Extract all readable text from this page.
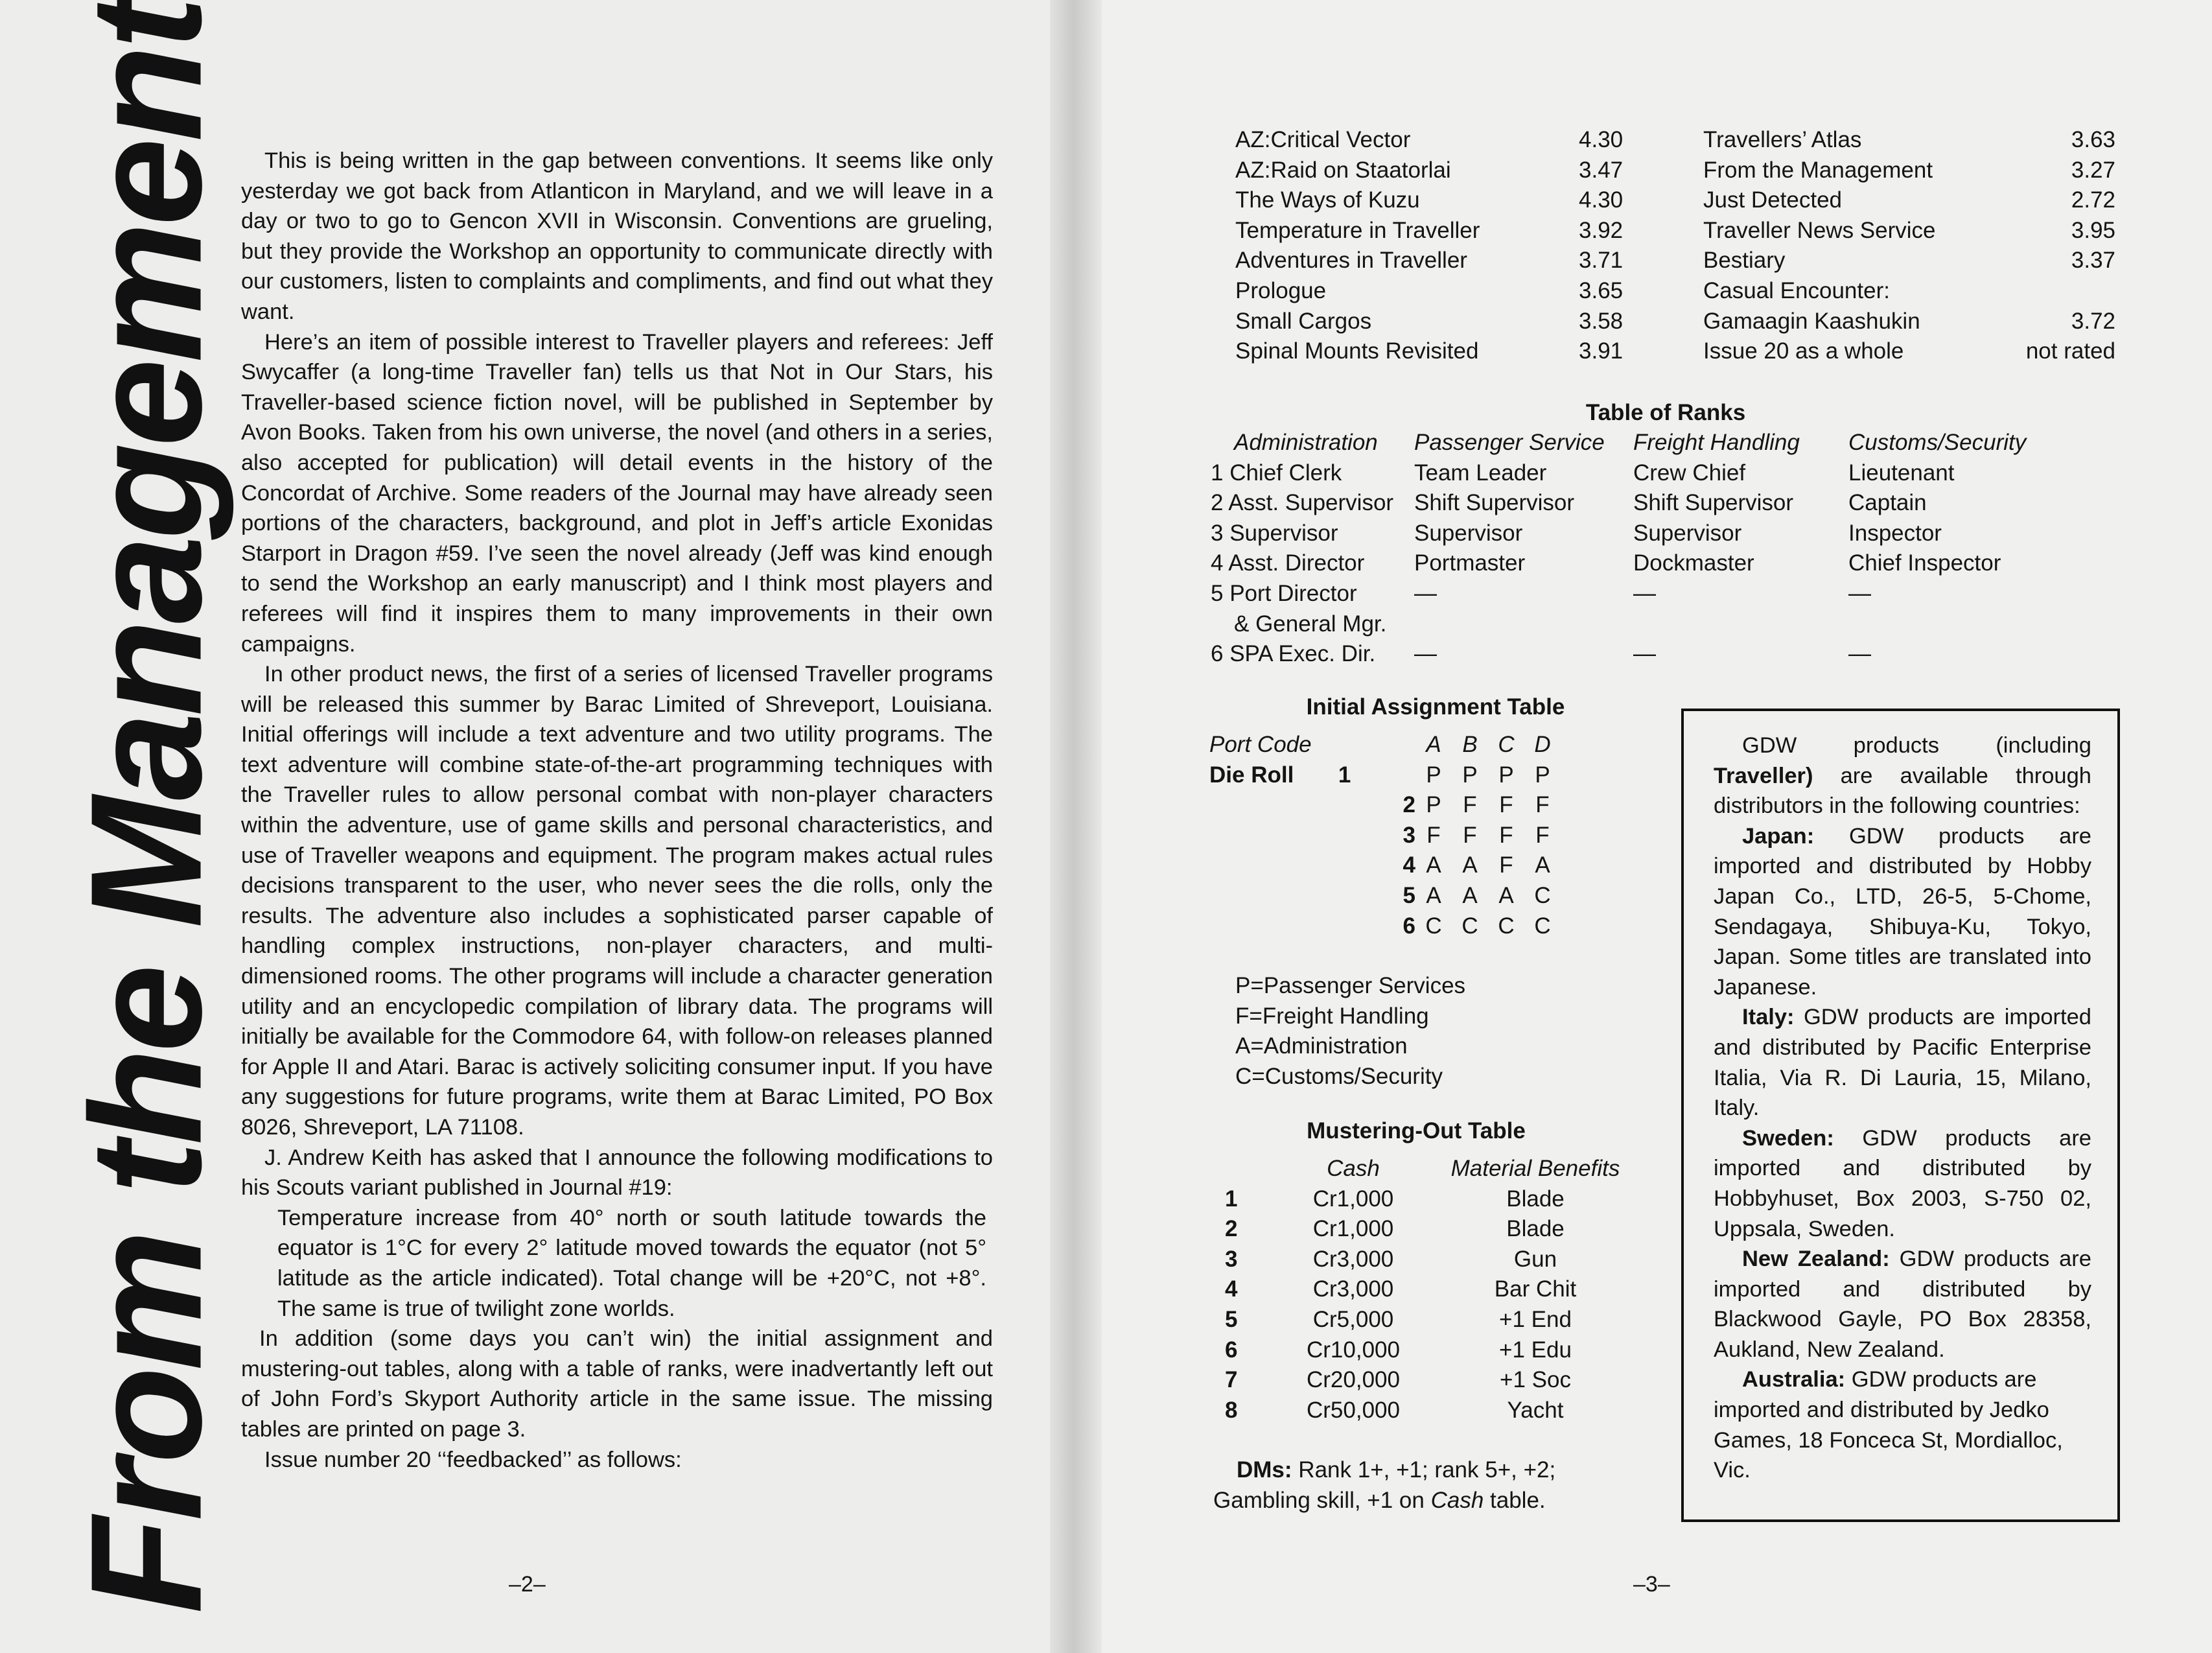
From the Management	This is being written in the gap between conventions. It seems like only yesterday we got back from Atlanticon in Maryland, and we will leave in a day or two to go to Gencon XVII in Wisconsin. Conventions are grueling, but they provide the Workshop an opportunity to communicate directly with our customers, listen to complaints and compliments, and find out what they want.

Here’s an item of possible interest to Traveller players and referees: Jeff Swycaffer (a long-time Traveller fan) tells us that Not in Our Stars, his Traveller-based science fiction novel, will be published in September by Avon Books. Taken from his own universe, the novel (and others in a series, also accepted for publication) will detail events in the history of the Concordat of Archive. Some readers of the Journal may have already seen portions of the characters, background, and plot in Jeff’s article Exonidas Starport in Dragon #59. I’ve seen the novel already (Jeff was kind enough to send the Workshop an early manuscript) and I think most players and referees will find it inspires them to many improvements in their own campaigns.

In other product news, the first of a series of licensed Traveller programs will be released this summer by Barac Limited of Shreveport, Louisiana. Initial offerings will include a text adventure and two utility programs. The text adventure will combine state-of-the-art programming techniques with the Traveller rules to allow personal combat with non-player characters within the adventure, use of game skills and personal characteristics, and use of Traveller weapons and equipment. The program makes actual rules decisions transparent to the user, who never sees the die rolls, only the results. The adventure also includes a sophisticated parser capable of handling complex instructions, non-player characters, and multi-dimensioned rooms. The other programs will include a character generation utility and an encyclopedic compilation of library data. The programs will initially be available for the Commodore 64, with follow-on releases planned for Apple II and Atari. Barac is actively soliciting consumer input. If you have any suggestions for future programs, write them at Barac Limited, PO Box 8026, Shreveport, LA 71108.

J. Andrew Keith has asked that I announce the following modifications to his Scouts variant published in Journal #19:

Temperature increase from 40° north or south latitude towards the equator is 1°C for every 2° latitude moved towards the equator (not 5° latitude as the article indicated). Total change will be +20°C, not +8°. The same is true of twilight zone worlds.

In addition (some days you can’t win) the initial assignment and mustering-out tables, along with a table of ranks, were inadvertantly left out of John Ford’s Skyport Authority article in the same issue. The missing tables are printed on page 3.

Issue number 20 ‘‘feedbacked’’ as follows:

–2–
AZ:Critical Vector	4.30
AZ:Raid on Staatorlai	3.47
The Ways of Kuzu	4.30
Temperature in Traveller	3.92
Adventures in Traveller	3.71
Prologue	3.65
Small Cargos	3.58
Spinal Mounts Revisited	3.91
Travellers’ Atlas	3.63
From the Management	3.27
Just Detected	2.72
Traveller News Service	3.95
Bestiary	3.37
Casual Encounter:	
Gamaagin Kaashukin	3.72
Issue 20 as a whole	not rated
Table of Ranks
Administration	Passenger Service	Freight Handling	Customs/Security
1 Chief Clerk	Team Leader	Crew Chief	Lieutenant
2 Asst. Supervisor	Shift Supervisor	Shift Supervisor	Captain
3 Supervisor	Supervisor	Supervisor	Inspector
4 Asst. Director	Portmaster	Dockmaster	Chief Inspector
5 Port Director	—	—	—
& General Mgr.			
6 SPA Exec. Dir.	—	—	—
Initial Assignment Table
Port Code	A	B	C	D
Die Roll 1	P	P	P	P
2	P	F	F	F
3	F	F	F	F
4	A	A	F	A
5	A	A	A	C
6	C	C	C	C
P=Passenger Services
F=Freight Handling
A=Administration
C=Customs/Security
Mustering-Out Table
	Cash	Material Benefits
1	Cr1,000	Blade
2	Cr1,000	Blade
3	Cr3,000	Gun
4	Cr3,000	Bar Chit
5	Cr5,000	+1 End
6	Cr10,000	+1 Edu
7	Cr20,000	+1 Soc
8	Cr50,000	Yacht
DMs: Rank 1+, +1; rank 5+, +2;
Gambling skill, +1 on Cash table.

GDW products (including Traveller) are available through distributors in the following countries:

Japan: GDW products are imported and distributed by Hobby Japan Co., LTD, 26-5, 5-Chome, Sendagaya, Shibuya-Ku, Tokyo, Japan. Some titles are translated into Japanese.

Italy: GDW products are imported and distributed by Pacific Enterprise Italia, Via R. Di Lauria, 15, Milano, Italy.

Sweden: GDW products are imported and distributed by Hobbyhuset, Box 2003, S-750 02, Uppsala, Sweden.

New Zealand: GDW products are imported and distributed by Blackwood Gayle, PO Box 28358, Aukland, New Zealand.

Australia: GDW products are imported and distributed by Jedko Games, 18 Fonceca St, Mordialloc, Vic.

–3–
